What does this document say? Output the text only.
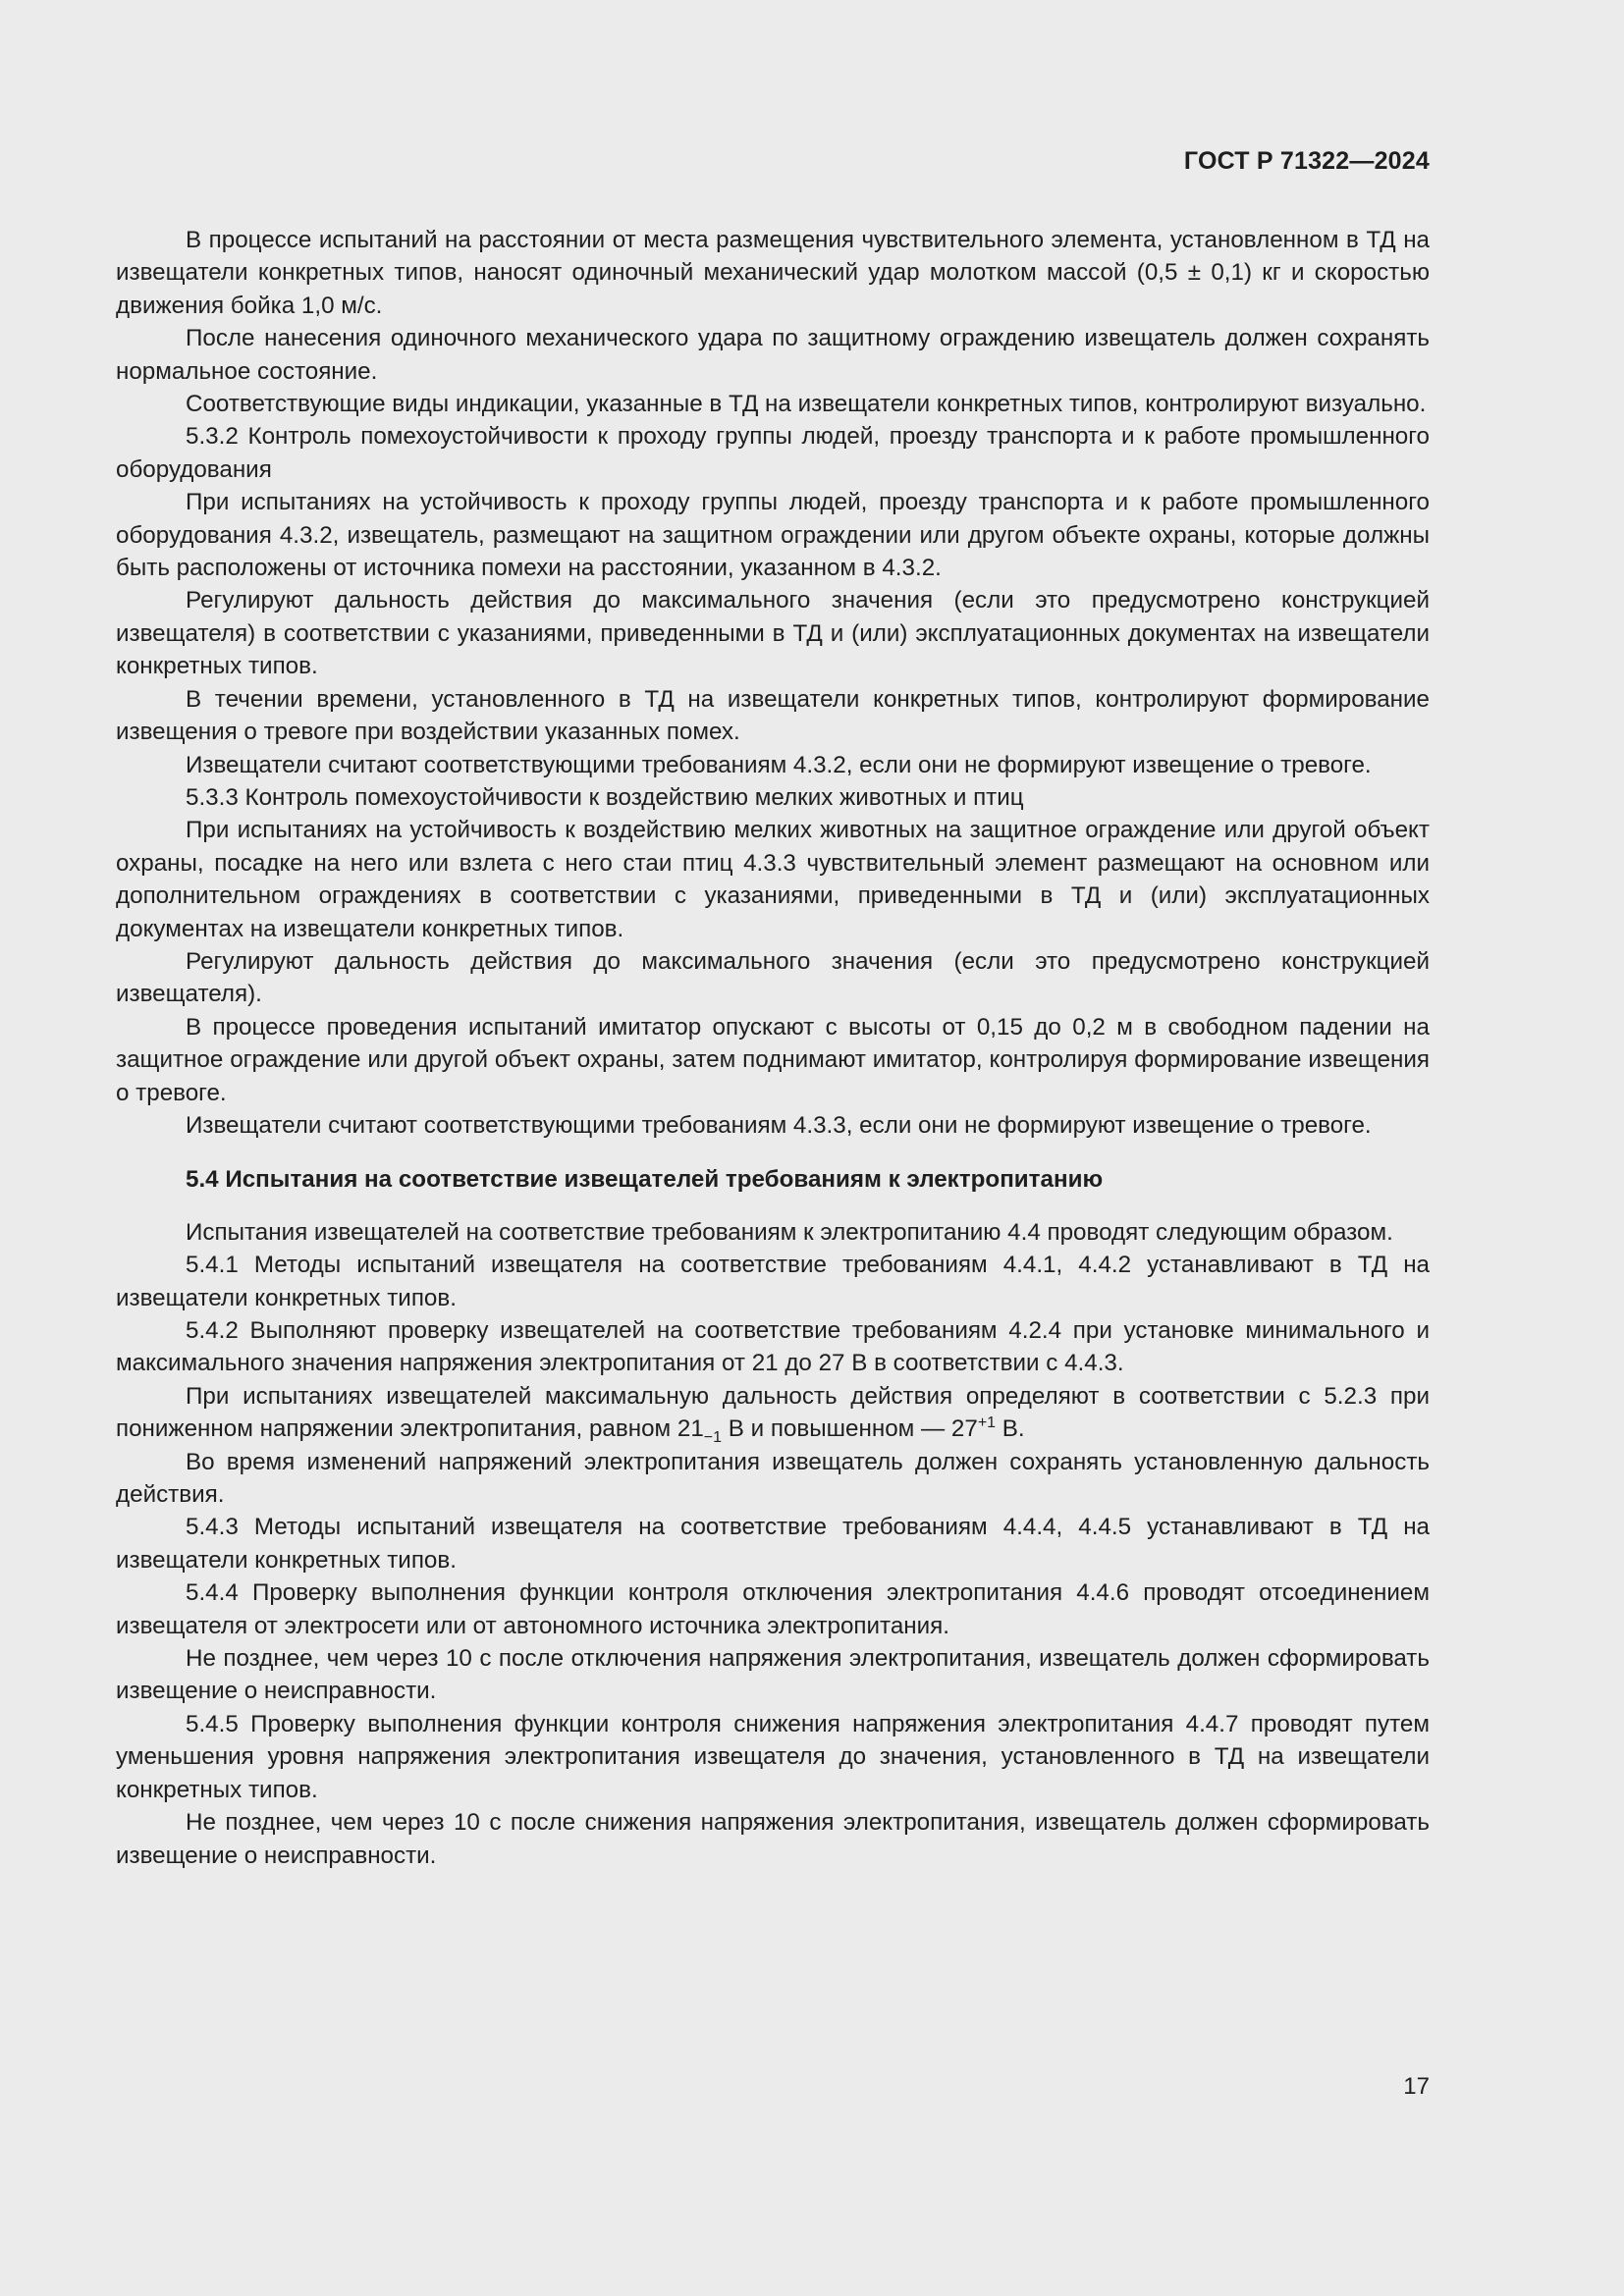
ГОСТ Р 71322—2024

В процессе испытаний на расстоянии от места размещения чувствительного элемента, установленном в ТД на извещатели конкретных типов, наносят одиночный механический удар молотком массой (0,5 ± 0,1) кг и скоростью движения бойка 1,0 м/с.

После нанесения одиночного механического удара по защитному ограждению извещатель должен сохранять нормальное состояние.

Соответствующие виды индикации, указанные в ТД на извещатели конкретных типов, контролируют визуально.

5.3.2 Контроль помехоустойчивости к проходу группы людей, проезду транспорта и к работе промышленного оборудования

При испытаниях на устойчивость к проходу группы людей, проезду транспорта и к работе промышленного оборудования 4.3.2, извещатель, размещают на защитном ограждении или другом объекте охраны, которые должны быть расположены от источника помехи на расстоянии, указанном в 4.3.2.

Регулируют дальность действия до максимального значения (если это предусмотрено конструкцией извещателя) в соответствии с указаниями, приведенными в ТД и (или) эксплуатационных документах на извещатели конкретных типов.

В течении времени, установленного в ТД на извещатели конкретных типов, контролируют формирование извещения о тревоге при воздействии указанных помех.

Извещатели считают соответствующими требованиям 4.3.2, если они не формируют извещение о тревоге.

5.3.3 Контроль помехоустойчивости к воздействию мелких животных и птиц

При испытаниях на устойчивость к воздействию мелких животных на защитное ограждение или другой объект охраны, посадке на него или взлета с него стаи птиц 4.3.3 чувствительный элемент размещают на основном или дополнительном ограждениях в соответствии с указаниями, приведенными в ТД и (или) эксплуатационных документах на извещатели конкретных типов.

Регулируют дальность действия до максимального значения (если это предусмотрено конструкцией извещателя).

В процессе проведения испытаний имитатор опускают с высоты от 0,15 до 0,2 м в свободном падении на защитное ограждение или другой объект охраны, затем поднимают имитатор, контролируя формирование извещения о тревоге.

Извещатели считают соответствующими требованиям 4.3.3, если они не формируют извещение о тревоге.

5.4 Испытания на соответствие извещателей требованиям к электропитанию

Испытания извещателей на соответствие требованиям к электропитанию 4.4 проводят следующим образом.

5.4.1 Методы испытаний извещателя на соответствие требованиям 4.4.1, 4.4.2 устанавливают в ТД на извещатели конкретных типов.

5.4.2 Выполняют проверку извещателей на соответствие требованиям 4.2.4 при установке минимального и максимального значения напряжения электропитания от 21 до 27 В в соответствии с 4.4.3.

При испытаниях извещателей максимальную дальность действия определяют в соответствии с 5.2.3 при пониженном напряжении электропитания, равном $21_{-1}$ В и повышенном — $27^{+1}$ В.

Во время изменений напряжений электропитания извещатель должен сохранять установленную дальность действия.

5.4.3 Методы испытаний извещателя на соответствие требованиям 4.4.4, 4.4.5 устанавливают в ТД на извещатели конкретных типов.

5.4.4 Проверку выполнения функции контроля отключения электропитания 4.4.6 проводят отсоединением извещателя от электросети или от автономного источника электропитания.

Не позднее, чем через 10 с после отключения напряжения электропитания, извещатель должен сформировать извещение о неисправности.

5.4.5 Проверку выполнения функции контроля снижения напряжения электропитания 4.4.7 проводят путем уменьшения уровня напряжения электропитания извещателя до значения, установленного в ТД на извещатели конкретных типов.

Не позднее, чем через 10 с после снижения напряжения электропитания, извещатель должен сформировать извещение о неисправности.

17
